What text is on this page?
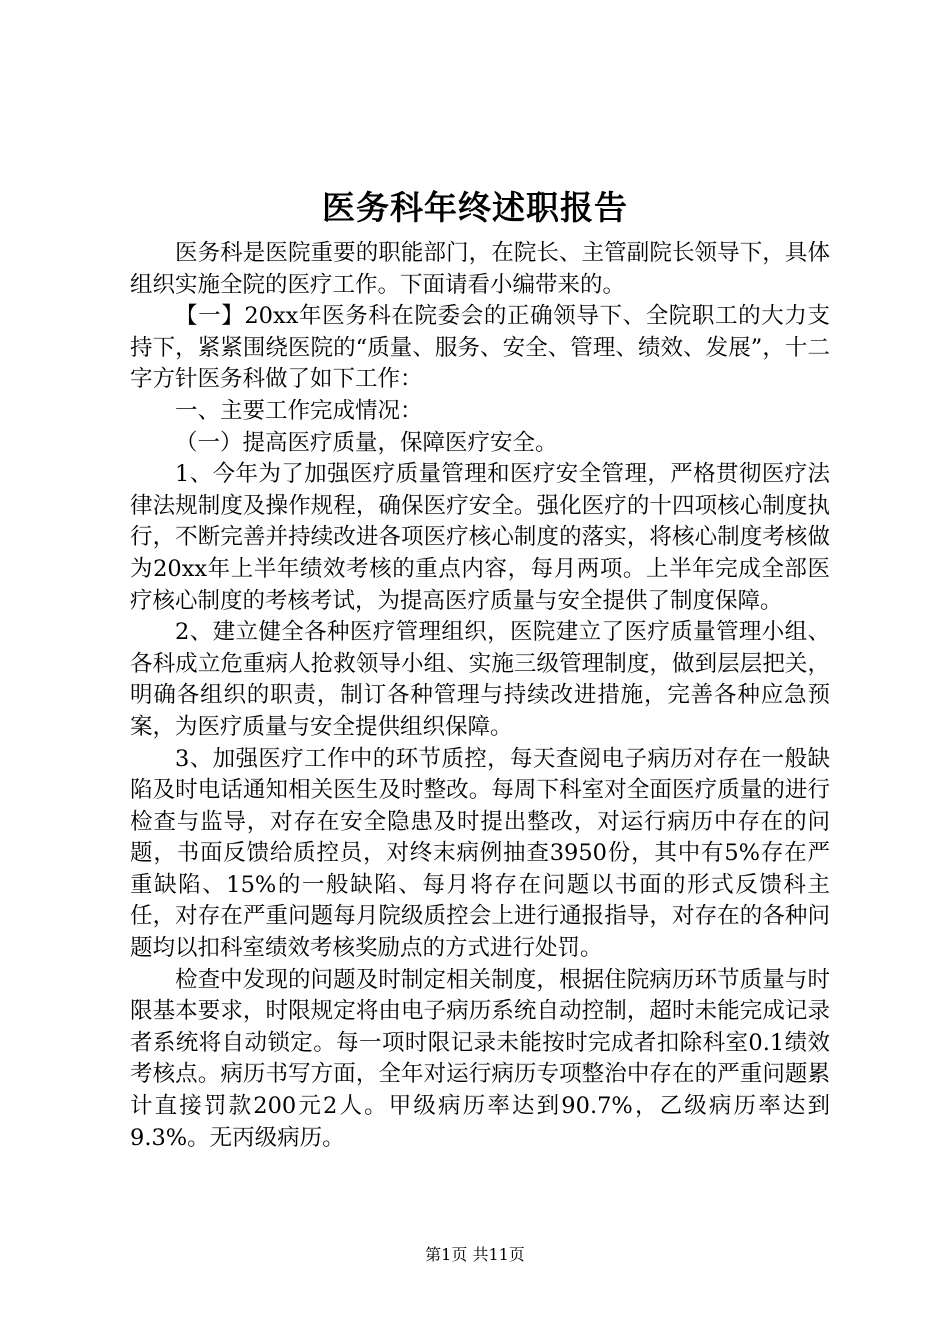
医务科年终述职报告

医务科是医院重要的职能部门，在院长、主管副院长领导下，具体组织实施全院的医疗工作。下面请看小编带来的。

【一】20xx年医务科在院委会的正确领导下、全院职工的大力支持下，紧紧围绕医院的“质量、服务、安全、管理、绩效、发展”，十二字方针医务科做了如下工作：

一、主要工作完成情况：

（一）提高医疗质量，保障医疗安全。

1、今年为了加强医疗质量管理和医疗安全管理，严格贯彻医疗法律法规制度及操作规程，确保医疗安全。强化医疗的十四项核心制度执行，不断完善并持续改进各项医疗核心制度的落实，将核心制度考核做为20xx年上半年绩效考核的重点内容，每月两项。上半年完成全部医疗核心制度的考核考试，为提高医疗质量与安全提供了制度保障。

2、建立健全各种医疗管理组织，医院建立了医疗质量管理小组、各科成立危重病人抢救领导小组、实施三级管理制度，做到层层把关，明确各组织的职责，制订各种管理与持续改进措施，完善各种应急预案，为医疗质量与安全提供组织保障。

3、加强医疗工作中的环节质控，每天查阅电子病历对存在一般缺陷及时电话通知相关医生及时整改。每周下科室对全面医疗质量的进行检查与监导，对存在安全隐患及时提出整改，对运行病历中存在的问题，书面反馈给质控员，对终末病例抽查3950份，其中有5%存在严重缺陷、15%的一般缺陷、每月将存在问题以书面的形式反馈科主任，对存在严重问题每月院级质控会上进行通报指导，对存在的各种问题均以扣科室绩效考核奖励点的方式进行处罚。

检查中发现的问题及时制定相关制度，根据住院病历环节质量与时限基本要求，时限规定将由电子病历系统自动控制，超时未能完成记录者系统将自动锁定。每一项时限记录未能按时完成者扣除科室0.1绩效考核点。病历书写方面，全年对运行病历专项整治中存在的严重问题累计直接罚款200元2人。甲级病历率达到90.7%，乙级病历率达到9.3%。无丙级病历。

第1页 共11页
